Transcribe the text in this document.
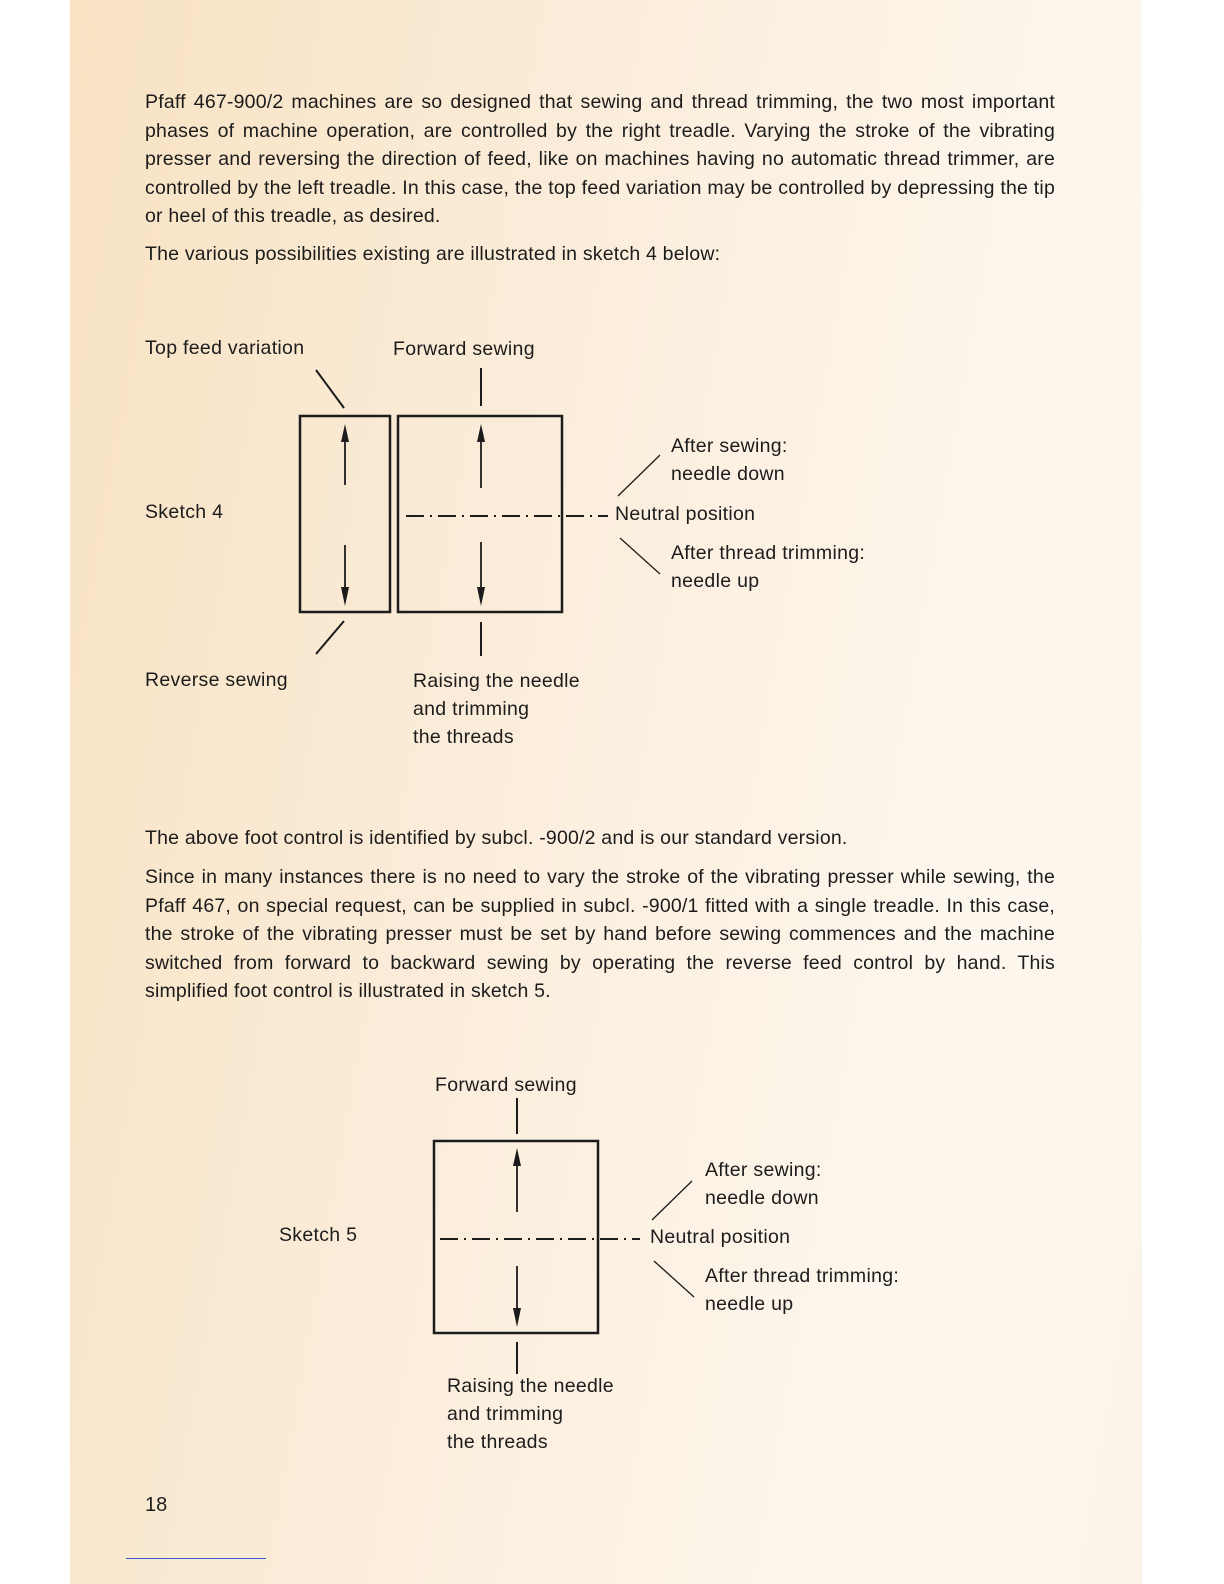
Pfaff 467-900/2 machines are so designed that sewing and thread trimming, the two most important phases of machine operation, are controlled by the right treadle. Varying the stroke of the vibrating presser and reversing the direction of feed, like on machines having no automatic thread trimmer, are controlled by the left treadle. In this case, the top feed variation may be controlled by depressing the tip or heel of this treadle, as desired.

The various possibilities existing are illustrated in sketch 4 below:

Top feed variation	Forward sewing
Sketch 4
Reverse sewing	Raising the needle
and trimming
the threads
After sewing:
needle down
Neutral position
After thread trimming:
needle up

The above foot control is identified by subcl. -900/2 and is our standard version.

Since in many instances there is no need to vary the stroke of the vibrating presser while sewing, the Pfaff 467, on special request, can be supplied in subcl. -900/1 fitted with a single treadle. In this case, the stroke of the vibrating presser must be set by hand before sewing commences and the machine switched from forward to backward sewing by operating the reverse feed control by hand. This simplified foot control is illustrated in sketch 5.

Forward sewing
Sketch 5
Raising the needle
and trimming
the threads
After sewing:
needle down
Neutral position
After thread trimming:
needle up
18
